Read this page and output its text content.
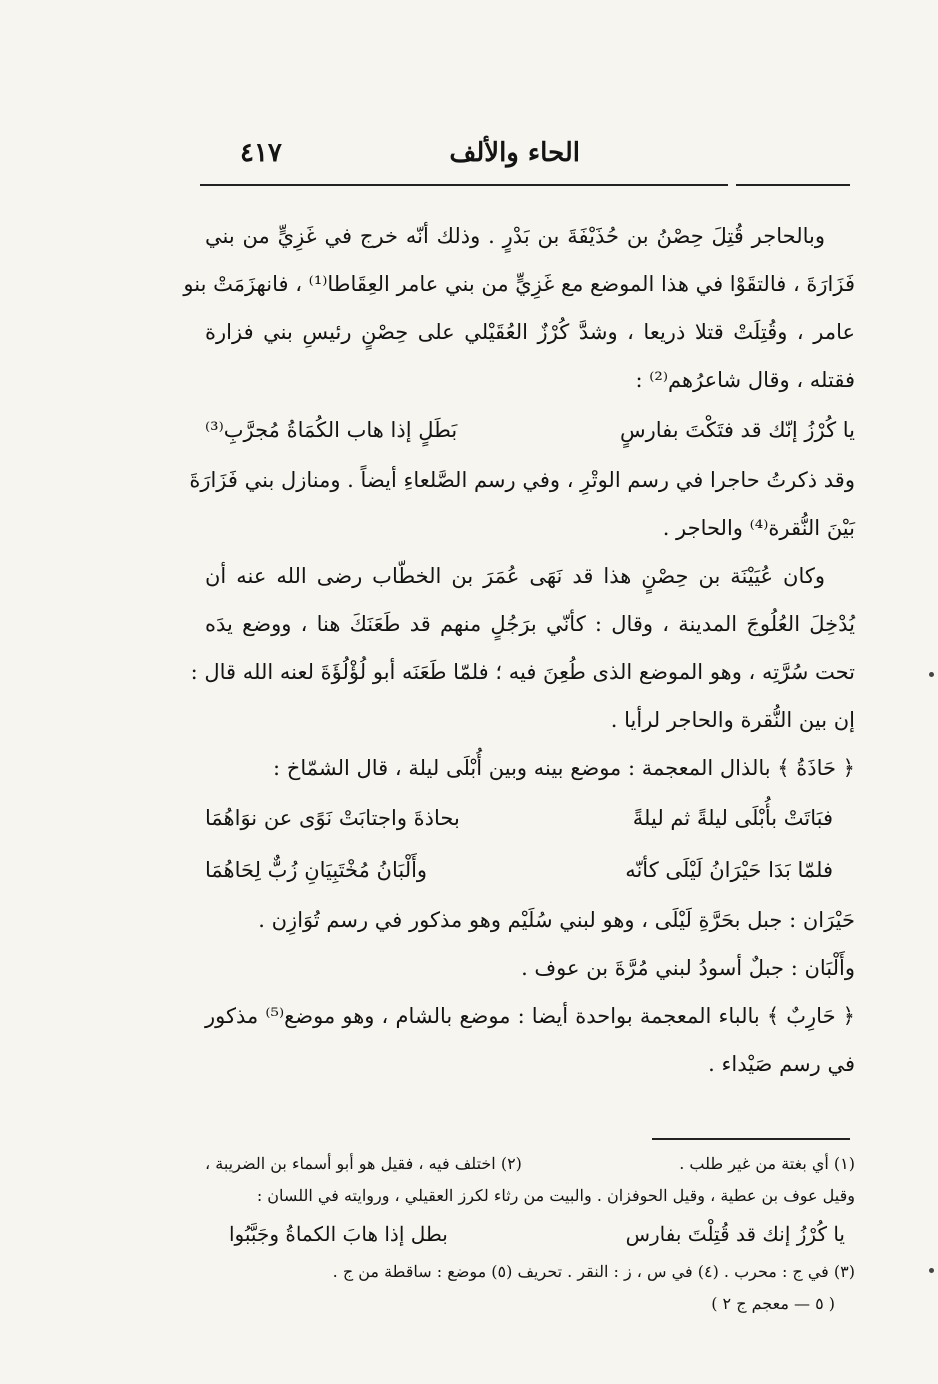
الحاء والألف
٤١٧
وبالحاجر قُتِلَ حِصْنُ بن حُذَيْفَةَ بن بَدْرٍ . وذلك أنّه خرج في غَزِيٍّ من بني
فَزَارَةَ ، فالتقَوْا في هذا الموضع مع غَزِيٍّ من بني عامر العِقَاطا⁽¹⁾ ، فانهزَمَتْ بنو
عامر ، وقُتِلَتْ قتلا ذريعا ، وشدَّ كُرْزٌ العُقَيْلي على حِصْنٍ رئيسِ بني فزارة
فقتله ، وقال شاعرُهم⁽²⁾ :
يا كُرْزُ إنّك قد فتَكْتَ بفارسٍ
بَطَلٍ إذا هاب الكُمَاةُ مُجرَّبِ⁽³⁾
وقد ذكرتُ حاجرا في رسم الوتْرِ ، وفي رسم الصَّلعاءِ أيضاً . ومنازل بني فَزَارَةَ
بَيْنَ النُّقرة⁽⁴⁾ والحاجر .
وكان عُيَيْنَة بن حِصْنٍ هذا قد نَهَى عُمَرَ بن الخطّاب رضى الله عنه أن
يُدْخِلَ العُلُوجَ المدينة ، وقال : كأنّي برَجُلٍ منهم قد طَعَنَكَ هنا ، ووضع يدَه
تحت سُرَّتِه ، وهو الموضع الذى طُعِنَ فيه ؛ فلمّا طَعَنَه أبو لُؤْلُؤَةَ لعنه الله قال :
إن بين النُّقرة والحاجر لرأيا .
﴿ حَاذَةُ ﴾ بالذال المعجمة : موضع بينه وبين أُبْلَى ليلة ، قال الشمّاخ :
فبَاتَتْ بأُبْلَى ليلةً ثم ليلةً
بحاذةَ واجتابَتْ نَوًى عن نوَاهُمَا
فلمّا بَدَا حَيْرَانُ لَيْلَى كأنّه
وأَلْبَانُ مُخْتَبِيَانِ زُبٌّ لِحَاهُمَا
حَيْرَان : جبل بحَرَّةِ لَيْلَى ، وهو لبني سُلَيْم وهو مذكور في رسم تُوَازِن .
وأَلْبَان : جبلٌ أسودُ لبني مُرَّةَ بن عوف .
﴿ حَارِبٌ ﴾ بالباء المعجمة بواحدة أيضا : موضع بالشام ، وهو موضع⁽⁵⁾ مذكور
في رسم صَيْداء .
(١) أي بغتة من غير طلب .
(٢) اختلف فيه ، فقيل هو أبو أسماء بن الضريبة ،
وقيل عوف بن عطية ، وقيل الحوفزان . والبيت من رثاء لكرز العقيلي ، وروايته في اللسان :
يا كُرْزُ إنك قد قُتِلْتَ بفارس
بطل إذا هابَ الكماةُ وجَبَّبُوا
(٣) في ج : محرب . (٤) في س ، ز : النقر . تحريف (٥) موضع : ساقطة من ج .
( ٥ — معجم ج ٢ )
